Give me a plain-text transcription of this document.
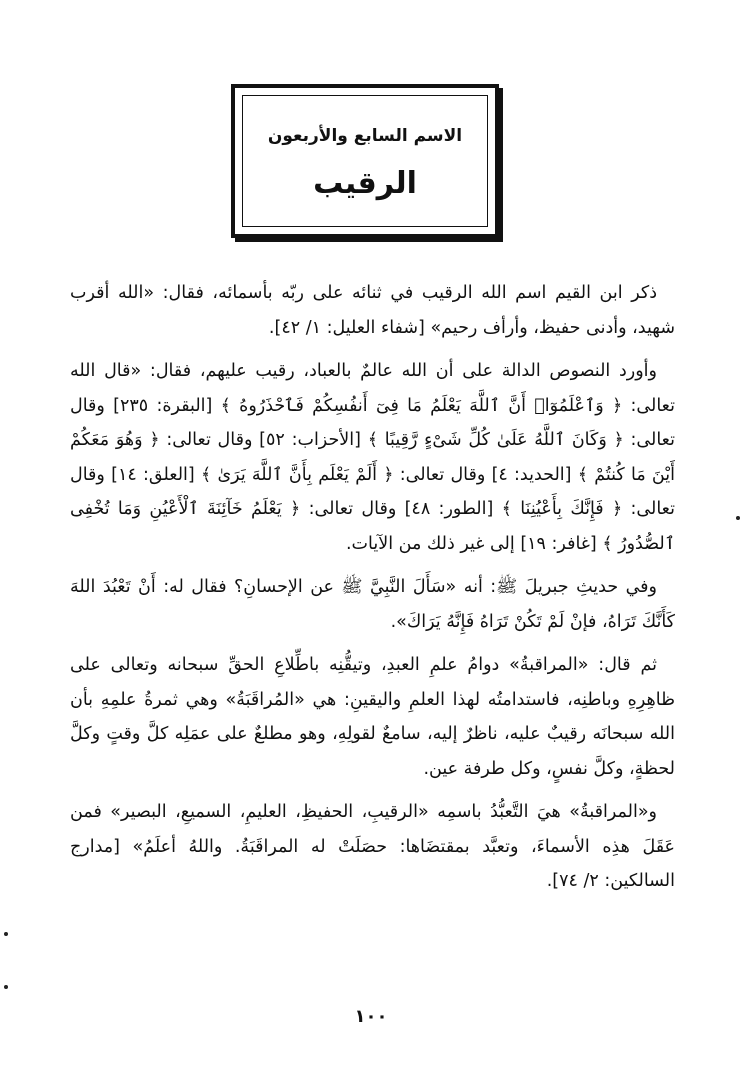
الاسم السابع والأربعون
الرقيب

ذكر ابن القيم اسم الله الرقيب في ثنائه على ربّه بأسمائه، فقال: «الله أقرب شهيد، وأدنى حفيظ، وأرأف رحيم» [شفاء العليل: ١/ ٤٢].

وأورد النصوص الدالة على أن الله عالمٌ بالعباد، رقيب عليهم، فقال: «قال الله تعالى: ﴿ وَٱعْلَمُوٓا۟ أَنَّ ٱللَّهَ يَعْلَمُ مَا فِىٓ أَنفُسِكُمْ فَٱحْذَرُوهُ ﴾ [البقرة: ٢٣٥] وقال تعالى: ﴿ وَكَانَ ٱللَّهُ عَلَىٰ كُلِّ شَىْءٍ رَّقِيبًا ﴾ [الأحزاب: ٥٢] وقال تعالى: ﴿ وَهُوَ مَعَكُمْ أَيْنَ مَا كُنتُمْ ﴾ [الحديد: ٤] وقال تعالى: ﴿ أَلَمْ يَعْلَم بِأَنَّ ٱللَّهَ يَرَىٰ ﴾ [العلق: ١٤] وقال تعالى: ﴿ فَإِنَّكَ بِأَعْيُنِنَا ﴾ [الطور: ٤٨] وقال تعالى: ﴿ يَعْلَمُ خَآئِنَةَ ٱلْأَعْيُنِ وَمَا تُخْفِى ٱلصُّدُورُ ﴾ [غافر: ١٩] إلى غير ذلك من الآيات.

وفي حديثِ جبريلَ ﷺ: أنه «سَأَلَ النَّبِيَّ ﷺ عن الإحسانِ؟ فقال له: أَنْ تَعْبُدَ اللهَ كَأَنَّكَ تَرَاهُ، فإنْ لَمْ تَكُنْ تَرَاهُ فَإِنَّهُ يَرَاكَ».

ثم قال: «المراقبةُ» دوامُ علمِ العبدِ، وتيقُّنِه باطِّلاعِ الحقِّ سبحانه وتعالى على ظاهِرِهِ وباطنِه، فاستدامتُه لهذا العلمِ واليقينِ: هي «المُراقَبَةُ» وهي ثمرةُ علمِهِ بأن الله سبحانَه رقيبٌ عليه، ناظرٌ إليه، سامعٌ لقولِهِ، وهو مطلعٌ على عمَلِه كلَّ وقتٍ وكلَّ لحظةٍ، وكلَّ نفسٍ، وكل طرفة عين.

و«المراقبةُ» هيَ التَّعبُّدُ باسمِه «الرقيبِ، الحفيظِ، العليمِ، السميعِ، البصير» فمن عَقَلَ هذِه الأسماءَ، وتعبَّد بمقتضَاها: حصَلَتْ له المراقَبَةُ. واللهُ أعلَمُ» [مدارج السالكين: ٢/ ٧٤].

١٠٠
